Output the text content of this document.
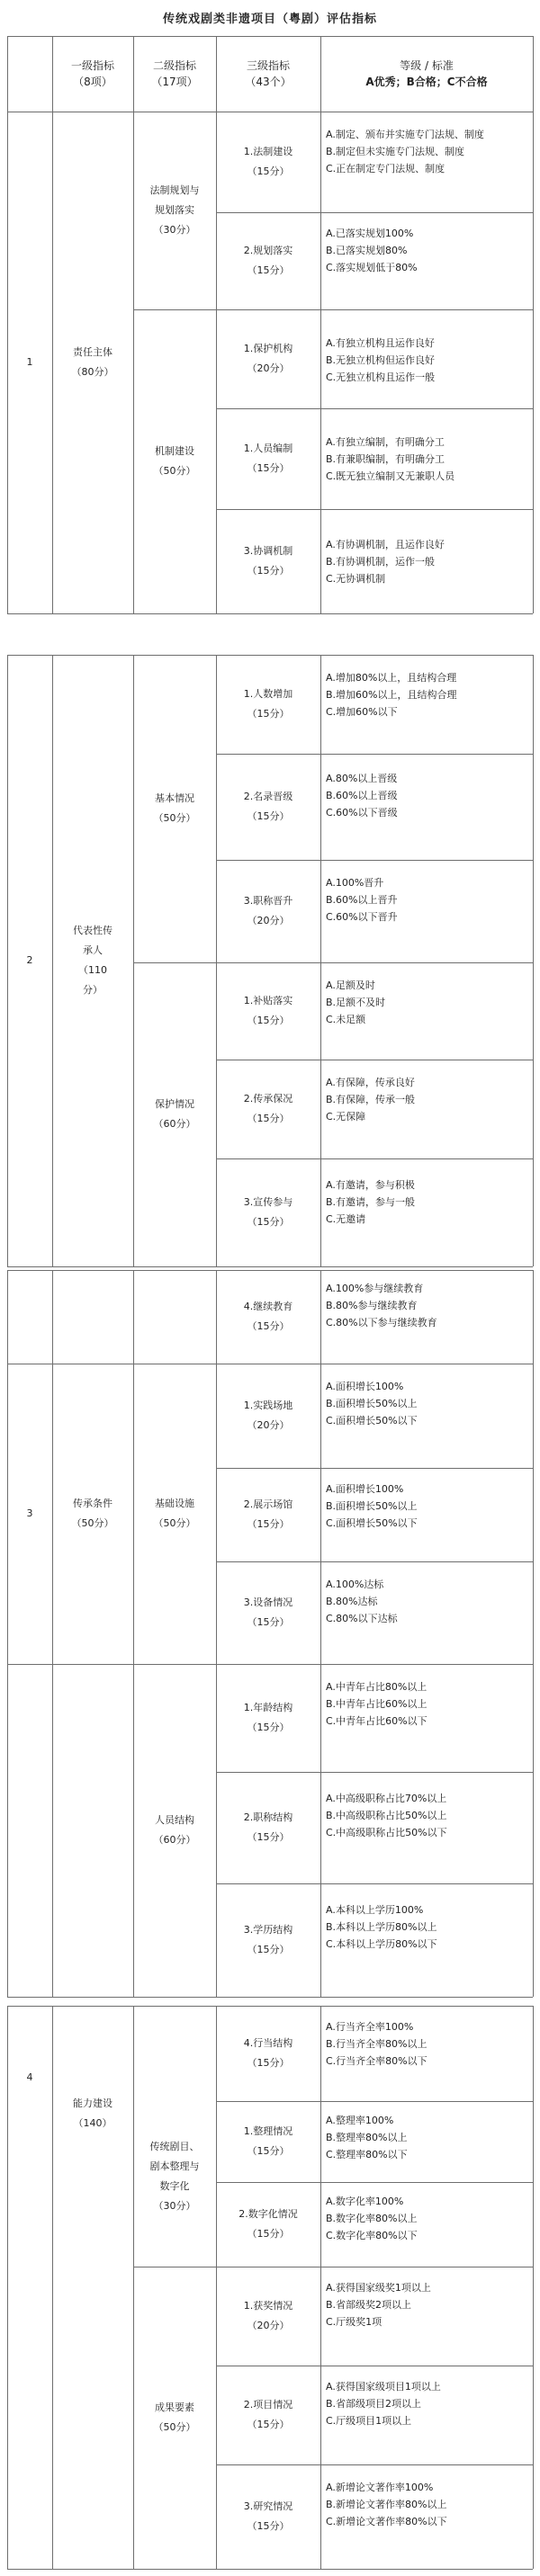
传统戏剧类非遗项目（粤剧）评估指标
一级指标
（8项）
二级指标
（17项）
三级指标
（43个）
等级 / 标准
A优秀；B合格；C不合格
1
责任主体
（80分）
法制规划与
规划落实
（30分）
机制建设
（50分）
1.法制建设
（15分）
2.规划落实
（15分）
1.保护机构
（20分）
1.人员编制
（15分）
3.协调机制
（15分）
A.制定、颁布并实施专门法规、制度
B.制定但未实施专门法规、制度
C.正在制定专门法规、制度
A.已落实规划100%
B.已落实规划80%
C.落实规划低于80%
A.有独立机构且运作良好
B.无独立机构但运作良好
C.无独立机构且运作一般
A.有独立编制，有明确分工
B.有兼职编制，有明确分工
C.既无独立编制又无兼职人员
A.有协调机制，且运作良好
B.有协调机制，运作一般
C.无协调机制
2
代表性传
承人
（110
分）
基本情况
（50分）
保护情况
（60分）
1.人数增加
（15分）
2.名录晋级
（15分）
3.职称晋升
（20分）
1.补贴落实
（15分）
2.传承保况
（15分）
3.宣传参与
（15分）
A.增加80%以上，且结构合理
B.增加60%以上，且结构合理
C.增加60%以下
A.80%以上晋级
B.60%以上晋级
C.60%以下晋级
A.100%晋升
B.60%以上晋升
C.60%以下晋升
A.足额及时
B.足额不及时
C.未足额
A.有保障，传承良好
B.有保障，传承一般
C.无保障
A.有邀请，参与积极
B.有邀请，参与一般
C.无邀请
4.继续教育
（15分）
A.100%参与继续教育
B.80%参与继续教育
C.80%以下参与继续教育
3
传承条件
（50分）
基础设施
（50分）
1.实践场地
（20分）
2.展示场馆
（15分）
3.设备情况
（15分）
A.面积增长100%
B.面积增长50%以上
C.面积增长50%以下
A.面积增长100%
B.面积增长50%以上
C.面积增长50%以下
A.100%达标
B.80%达标
C.80%以下达标
人员结构
（60分）
1.年龄结构
（15分）
2.职称结构
（15分）
3.学历结构
（15分）
A.中青年占比80%以上
B.中青年占比60%以上
C.中青年占比60%以下
A.中高级职称占比70%以上
B.中高级职称占比50%以上
C.中高级职称占比50%以下
A.本科以上学历100%
B.本科以上学历80%以上
C.本科以上学历80%以下
4
能力建设
（140）
传统剧目、
剧本整理与
数字化
（30分）
成果要素
（50分）
4.行当结构
（15分）
1.整理情况
（15分）
2.数字化情况
（15分）
1.获奖情况
（20分）
2.项目情况
（15分）
3.研究情况
（15分）
A.行当齐全率100%
B.行当齐全率80%以上
C.行当齐全率80%以下
A.整理率100%
B.整理率80%以上
C.整理率80%以下
A.数字化率100%
B.数字化率80%以上
C.数字化率80%以下
A.获得国家级奖1项以上
B.省部级奖2项以上
C.厅级奖1项
A.获得国家级项目1项以上
B.省部级项目2项以上
C.厅级项目1项以上
A.新增论文著作率100%
B.新增论文著作率80%以上
C.新增论文著作率80%以下
